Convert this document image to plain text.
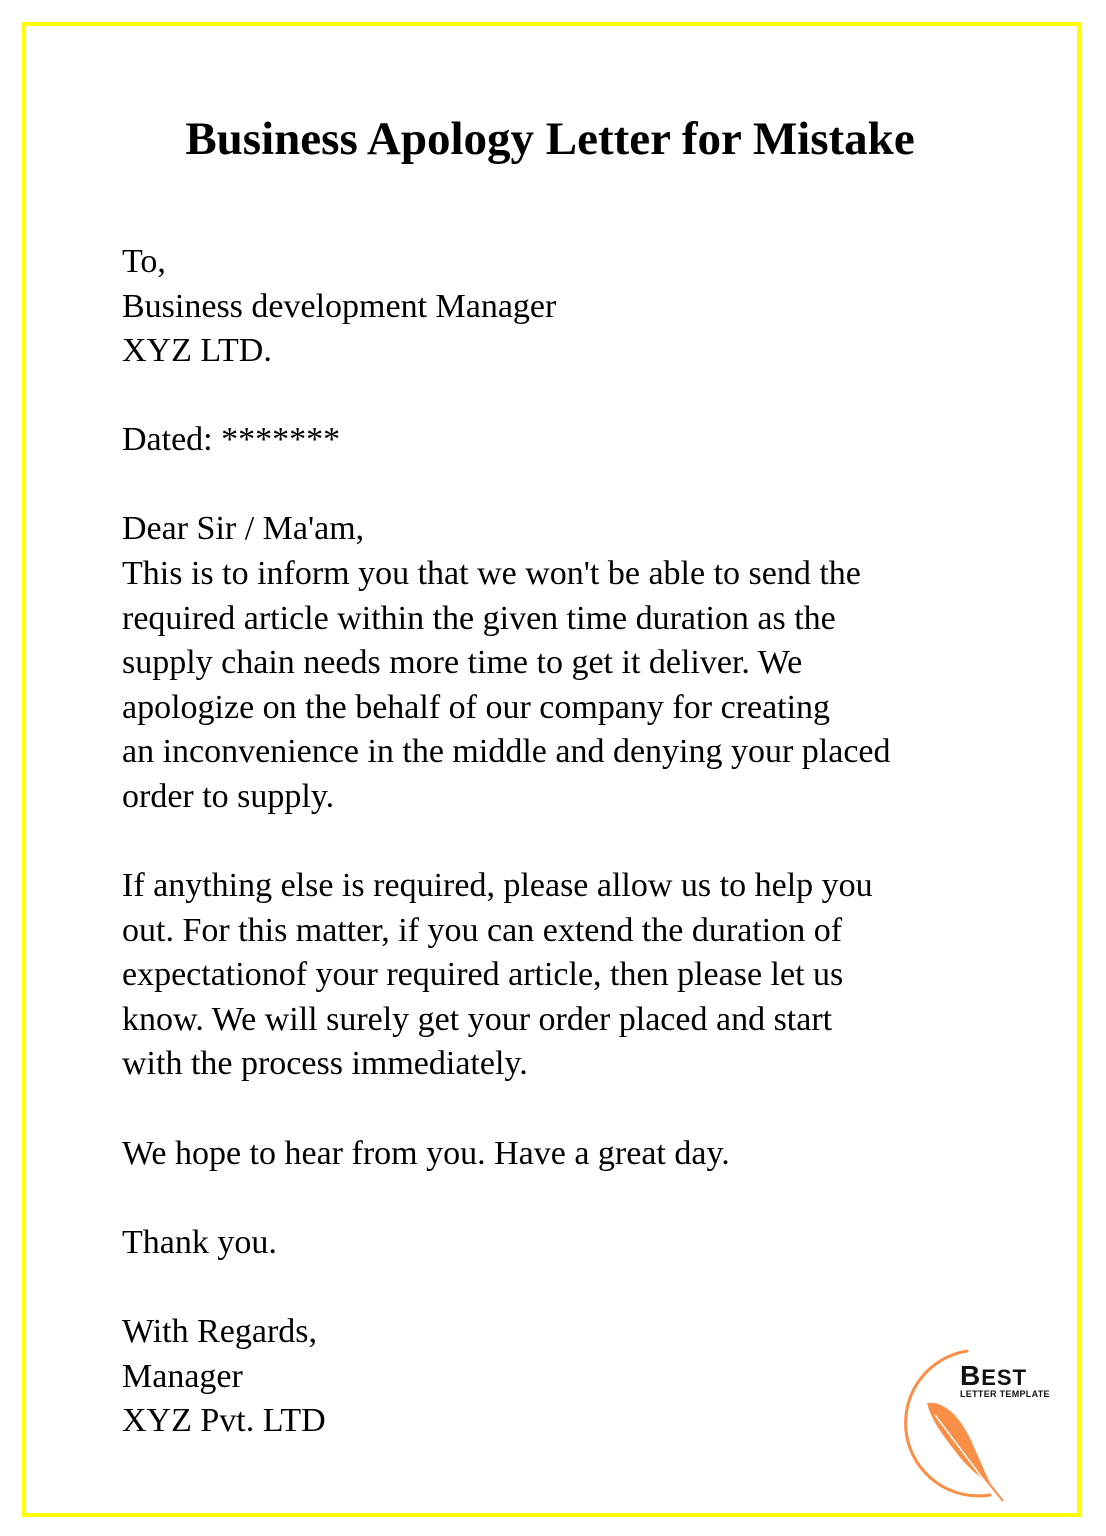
Business Apology Letter for Mistake
To,
Business development Manager
XYZ LTD.
Dated: *******
Dear Sir / Ma'am,
This is to inform you that we won't be able to send the
required article within the given time duration as the
supply chain needs more time to get it deliver. We
apologize on the behalf of our company for creating
an inconvenience in the middle and denying your placed
order to supply.
If anything else is required, please allow us to help you
out. For this matter, if you can extend the duration of
expectationof your required article, then please let us
know. We will surely get your order placed and start
with the process immediately.
We hope to hear from you. Have a great day.
Thank you.
With Regards,
Manager
XYZ Pvt. LTD
BEST
LETTER TEMPLATE
